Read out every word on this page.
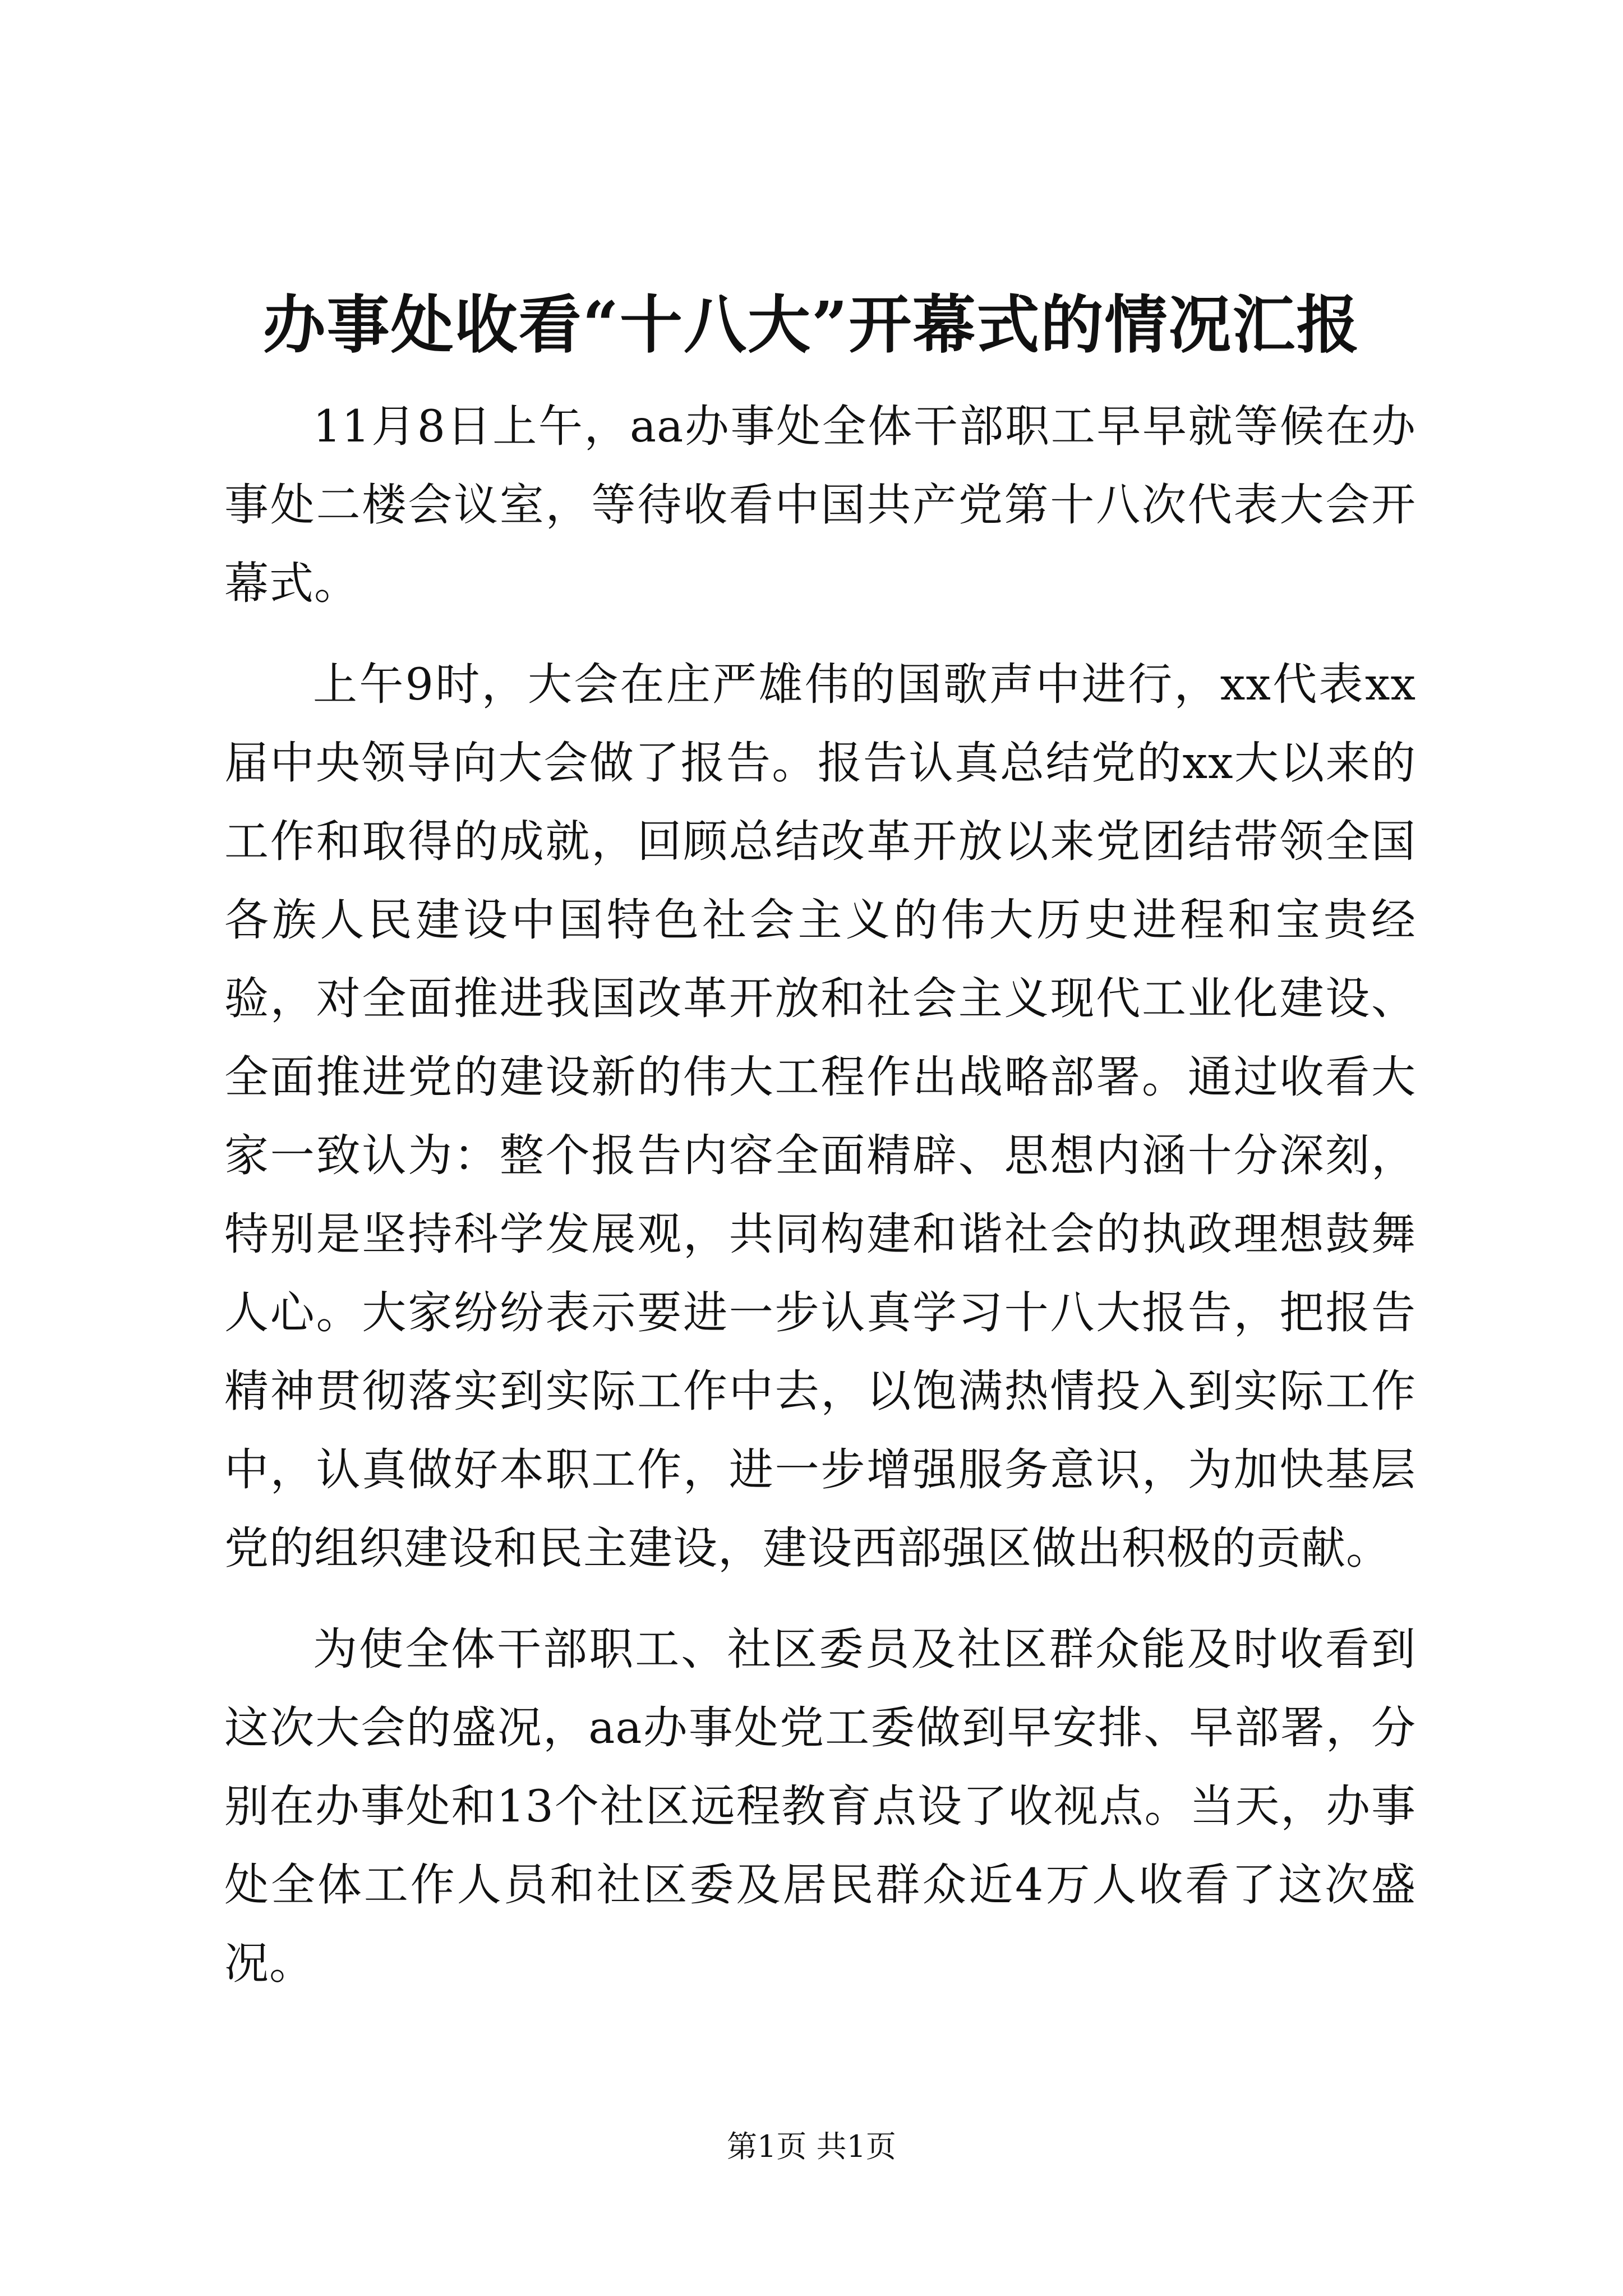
办事处收看“十八大”开幕式的情况汇报

11月8日上午，aa办事处全体干部职工早早就等候在办事处二楼会议室，等待收看中国共产党第十八次代表大会开幕式。

上午9时，大会在庄严雄伟的国歌声中进行，xx代表xx届中央领导向大会做了报告。报告认真总结党的xx大以来的工作和取得的成就，回顾总结改革开放以来党团结带领全国各族人民建设中国特色社会主义的伟大历史进程和宝贵经验，对全面推进我国改革开放和社会主义现代工业化建设、全面推进党的建设新的伟大工程作出战略部署。通过收看大家一致认为：整个报告内容全面精辟、思想内涵十分深刻，特别是坚持科学发展观，共同构建和谐社会的执政理想鼓舞人心。大家纷纷表示要进一步认真学习十八大报告，把报告精神贯彻落实到实际工作中去，以饱满热情投入到实际工作中，认真做好本职工作，进一步增强服务意识，为加快基层党的组织建设和民主建设，建设西部强区做出积极的贡献。

为使全体干部职工、社区委员及社区群众能及时收看到这次大会的盛况，aa办事处党工委做到早安排、早部署，分别在办事处和13个社区远程教育点设了收视点。当天，办事处全体工作人员和社区委及居民群众近4万人收看了这次盛况。

第1页 共1页
